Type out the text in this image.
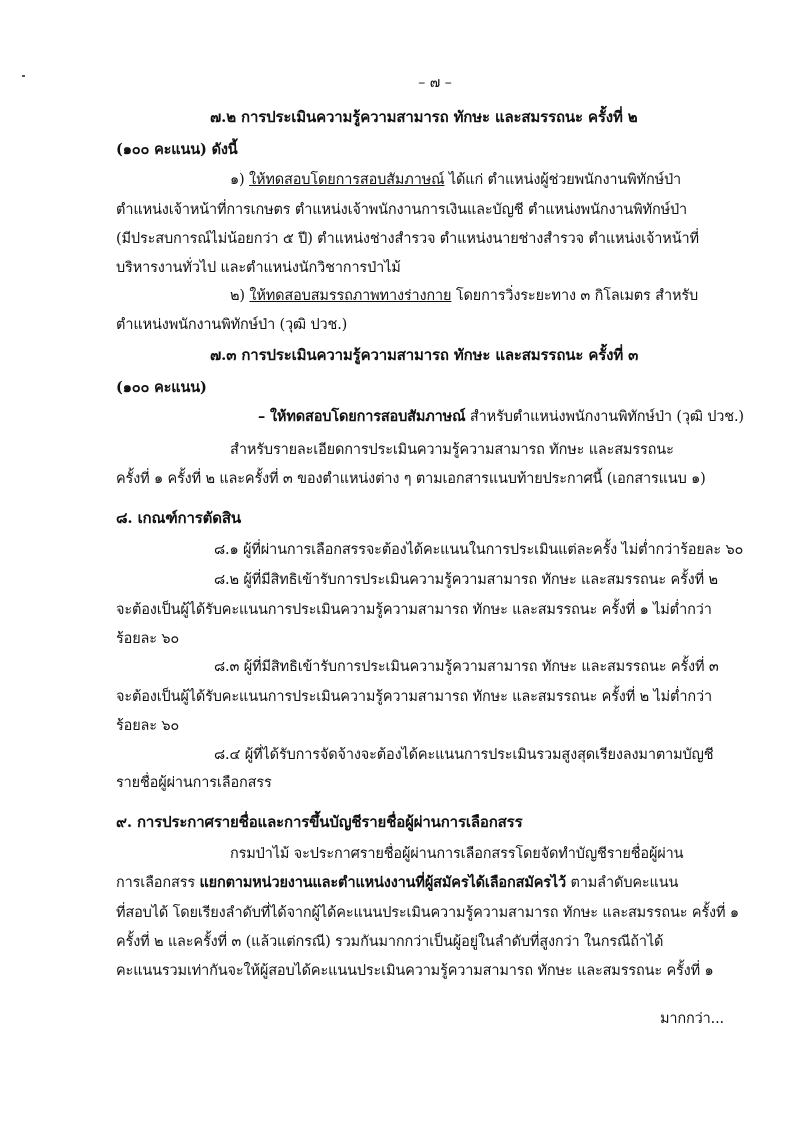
– ๗ –
๗.๒ การประเมินความรู้ความสามารถ ทักษะ และสมรรถนะ ครั้งที่ ๒
(๑๐๐ คะแนน) ดังนี้
๑) ให้ทดสอบโดยการสอบสัมภาษณ์ ได้แก่ ตำแหน่งผู้ช่วยพนักงานพิทักษ์ป่า
ตำแหน่งเจ้าหน้าที่การเกษตร ตำแหน่งเจ้าพนักงานการเงินและบัญชี ตำแหน่งพนักงานพิทักษ์ป่า
(มีประสบการณ์ไม่น้อยกว่า ๕ ปี) ตำแหน่งช่างสำรวจ ตำแหน่งนายช่างสำรวจ ตำแหน่งเจ้าหน้าที่
บริหารงานทั่วไป และตำแหน่งนักวิชาการป่าไม้
๒) ให้ทดสอบสมรรถภาพทางร่างกาย โดยการวิ่งระยะทาง ๓ กิโลเมตร สำหรับ
ตำแหน่งพนักงานพิทักษ์ป่า (วุฒิ ปวช.)
๗.๓ การประเมินความรู้ความสามารถ ทักษะ และสมรรถนะ ครั้งที่ ๓
(๑๐๐ คะแนน)
– ให้ทดสอบโดยการสอบสัมภาษณ์ สำหรับตำแหน่งพนักงานพิทักษ์ป่า (วุฒิ ปวช.)
สำหรับรายละเอียดการประเมินความรู้ความสามารถ ทักษะ และสมรรถนะ
ครั้งที่ ๑ ครั้งที่ ๒ และครั้งที่ ๓ ของตำแหน่งต่าง ๆ ตามเอกสารแนบท้ายประกาศนี้ (เอกสารแนบ ๑)
๘. เกณฑ์การตัดสิน
๘.๑ ผู้ที่ผ่านการเลือกสรรจะต้องได้คะแนนในการประเมินแต่ละครั้ง ไม่ต่ำกว่าร้อยละ ๖๐
๘.๒ ผู้ที่มีสิทธิเข้ารับการประเมินความรู้ความสามารถ ทักษะ และสมรรถนะ ครั้งที่ ๒
จะต้องเป็นผู้ได้รับคะแนนการประเมินความรู้ความสามารถ ทักษะ และสมรรถนะ ครั้งที่ ๑ ไม่ต่ำกว่า
ร้อยละ ๖๐
๘.๓ ผู้ที่มีสิทธิเข้ารับการประเมินความรู้ความสามารถ ทักษะ และสมรรถนะ ครั้งที่ ๓
จะต้องเป็นผู้ได้รับคะแนนการประเมินความรู้ความสามารถ ทักษะ และสมรรถนะ ครั้งที่ ๒ ไม่ต่ำกว่า
ร้อยละ ๖๐
๘.๔ ผู้ที่ได้รับการจัดจ้างจะต้องได้คะแนนการประเมินรวมสูงสุดเรียงลงมาตามบัญชี
รายชื่อผู้ผ่านการเลือกสรร
๙. การประกาศรายชื่อและการขึ้นบัญชีรายชื่อผู้ผ่านการเลือกสรร
กรมป่าไม้ จะประกาศรายชื่อผู้ผ่านการเลือกสรรโดยจัดทำบัญชีรายชื่อผู้ผ่าน
การเลือกสรร แยกตามหน่วยงานและตำแหน่งงานที่ผู้สมัครได้เลือกสมัครไว้ ตามลำดับคะแนน
ที่สอบได้ โดยเรียงลำดับที่ได้จากผู้ได้คะแนนประเมินความรู้ความสามารถ ทักษะ และสมรรถนะ ครั้งที่ ๑
ครั้งที่ ๒ และครั้งที่ ๓ (แล้วแต่กรณี) รวมกันมากกว่าเป็นผู้อยู่ในลำดับที่สูงกว่า ในกรณีถ้าได้
คะแนนรวมเท่ากันจะให้ผู้สอบได้คะแนนประเมินความรู้ความสามารถ ทักษะ และสมรรถนะ ครั้งที่ ๑
มากกว่า...
